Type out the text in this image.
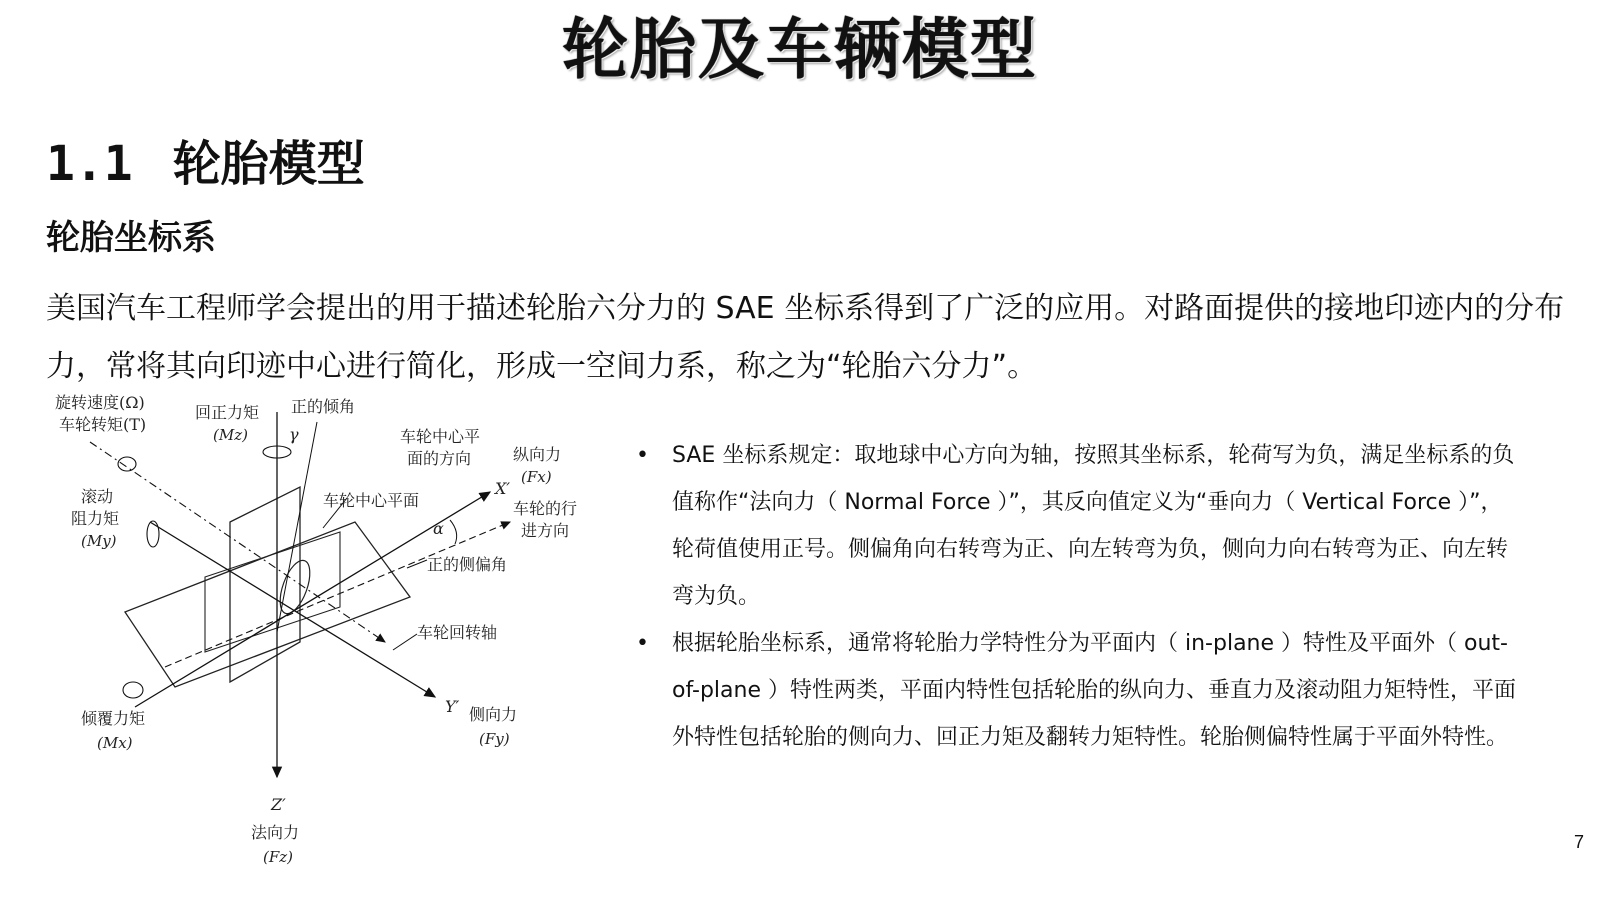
轮胎及车辆模型
1.1 轮胎模型
轮胎坐标系

美国汽车工程师学会提出的用于描述轮胎六分力的 SAE 坐标系得到了广泛的应用。对路面提供的接地印迹内的分布力，常将其向印迹中心进行简化，形成一空间力系，称之为“轮胎六分力”。

旋转速度(Ω)
车轮转矩(T)
回正力矩
(Mz)
正的倾角
γ	车轮中心平
面的方向	纵向力
(Fx)
X′
滚动
阻力矩
(My)
车轮中心平面	车轮的行
进方向
α
正的侧偏角
车轮回转轴
倾覆力矩
(Mx)
Y′ 侧向力
(Fy)
Z′
法向力
(Fz)
• SAE 坐标系规定：取地球中心方向为轴，按照其坐标系，轮荷写为负，满足坐标系的负值称作“法向力（ Normal Force ）”，其反向值定义为“垂向力（ Vertical Force ）”，轮荷值使用正号。侧偏角向右转弯为正、向左转弯为负，侧向力向右转弯为正、向左转弯为负。
• 根据轮胎坐标系，通常将轮胎力学特性分为平面内（ in-plane ）特性及平面外（ out-of-plane ）特性两类，平面内特性包括轮胎的纵向力、垂直力及滚动阻力矩特性，平面外特性包括轮胎的侧向力、回正力矩及翻转力矩特性。轮胎侧偏特性属于平面外特性。
7
